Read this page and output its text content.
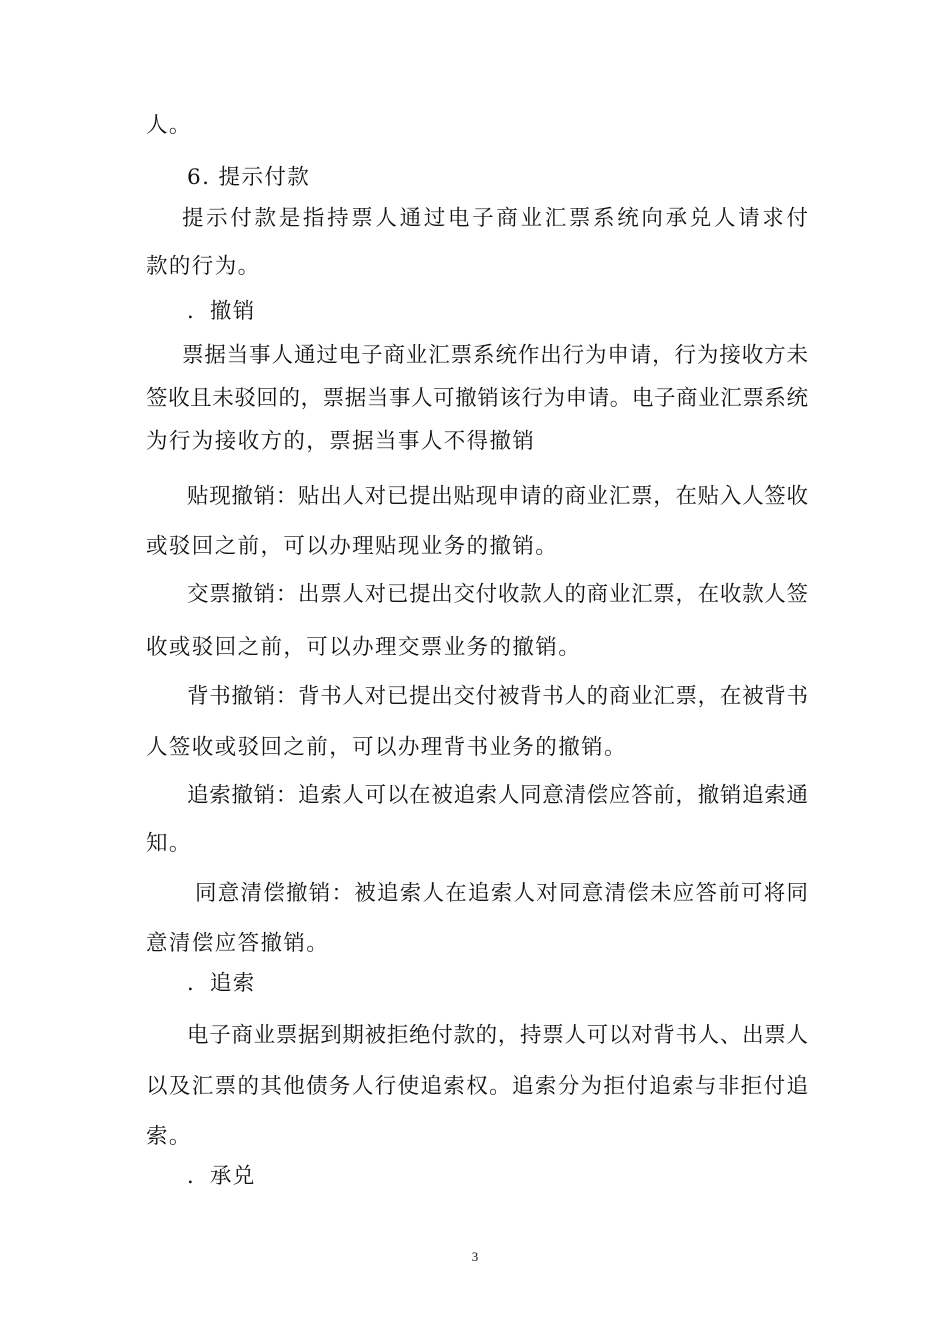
人。
6. 提示付款
提示付款是指持票人通过电子商业汇票系统向承兑人请求付
款的行为。
．撤销
票据当事人通过电子商业汇票系统作出行为申请，行为接收方未
签收且未驳回的，票据当事人可撤销该行为申请。电子商业汇票系统
为行为接收方的，票据当事人不得撤销
贴现撤销：贴出人对已提出贴现申请的商业汇票，在贴入人签收
或驳回之前，可以办理贴现业务的撤销。
交票撤销：出票人对已提出交付收款人的商业汇票，在收款人签
收或驳回之前，可以办理交票业务的撤销。
背书撤销：背书人对已提出交付被背书人的商业汇票，在被背书
人签收或驳回之前，可以办理背书业务的撤销。
追索撤销：追索人可以在被追索人同意清偿应答前，撤销追索通
知。
同意清偿撤销：被追索人在追索人对同意清偿未应答前可将同
意清偿应答撤销。
．追索
电子商业票据到期被拒绝付款的，持票人可以对背书人、出票人
以及汇票的其他债务人行使追索权。追索分为拒付追索与非拒付追
索。
．承兑
3
